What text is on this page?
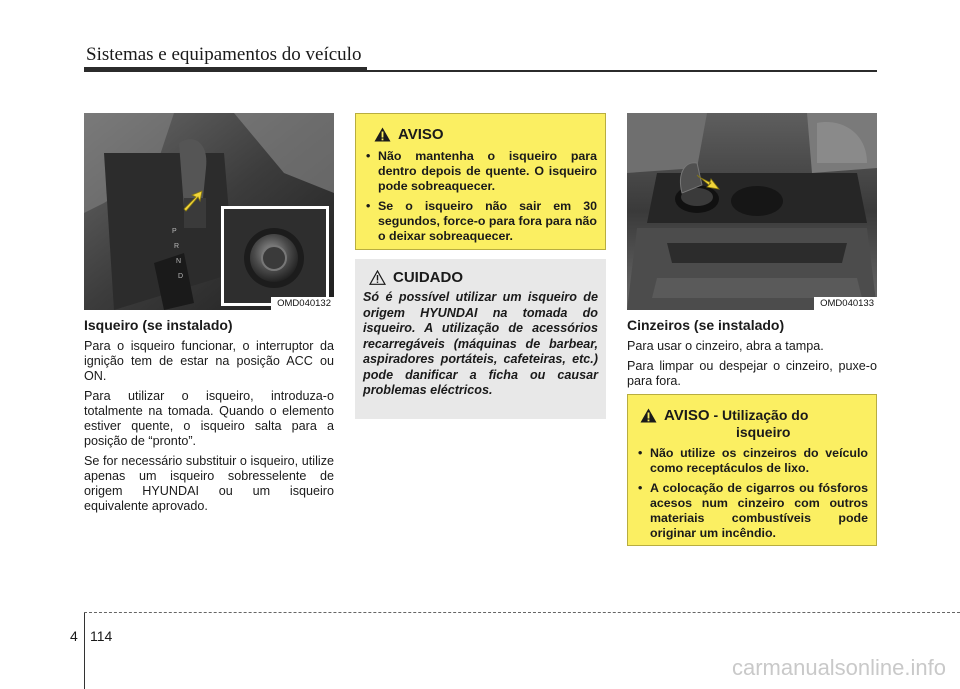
Sistemas e equipamentos do veículo
P
R
N
D
OMD040132
Isqueiro (se instalado)

Para o isqueiro funcionar, o interruptor da ignição tem de estar na posição ACC ou ON.

Para utilizar o isqueiro, introduza-o totalmente na tomada. Quando o elemento estiver quente, o isqueiro salta para a posição de “pronto”.

Se for necessário substituir o isqueiro, utilize apenas um isqueiro sobresselente de origem HYUNDAI ou um isqueiro equivalente aprovado.

AVISO
• Não mantenha o isqueiro para dentro depois de quente. O isqueiro pode sobreaquecer.
• Se o isqueiro não sair em 30 segundos, force-o para fora para não o deixar sobreaquecer.
CUIDADO

Só é possível utilizar um isqueiro de origem HYUNDAI na tomada do isqueiro. A utilização de acessórios recarregáveis (máquinas de barbear, aspiradores portáteis, cafeteiras, etc.) pode danificar a ficha ou causar problemas eléctricos.

OMD040133
Cinzeiros (se instalado)

Para usar o cinzeiro, abra a tampa.

Para limpar ou despejar o cinzeiro, puxe-o para fora.

AVISO - Utilização do
isqueiro
• Não utilize os cinzeiros do veículo como receptáculos de lixo.
• A colocação de cigarros ou fósforos acesos num cinzeiro com outros materiais combustíveis pode originar um incêndio.
4 114
carmanualsonline.info
